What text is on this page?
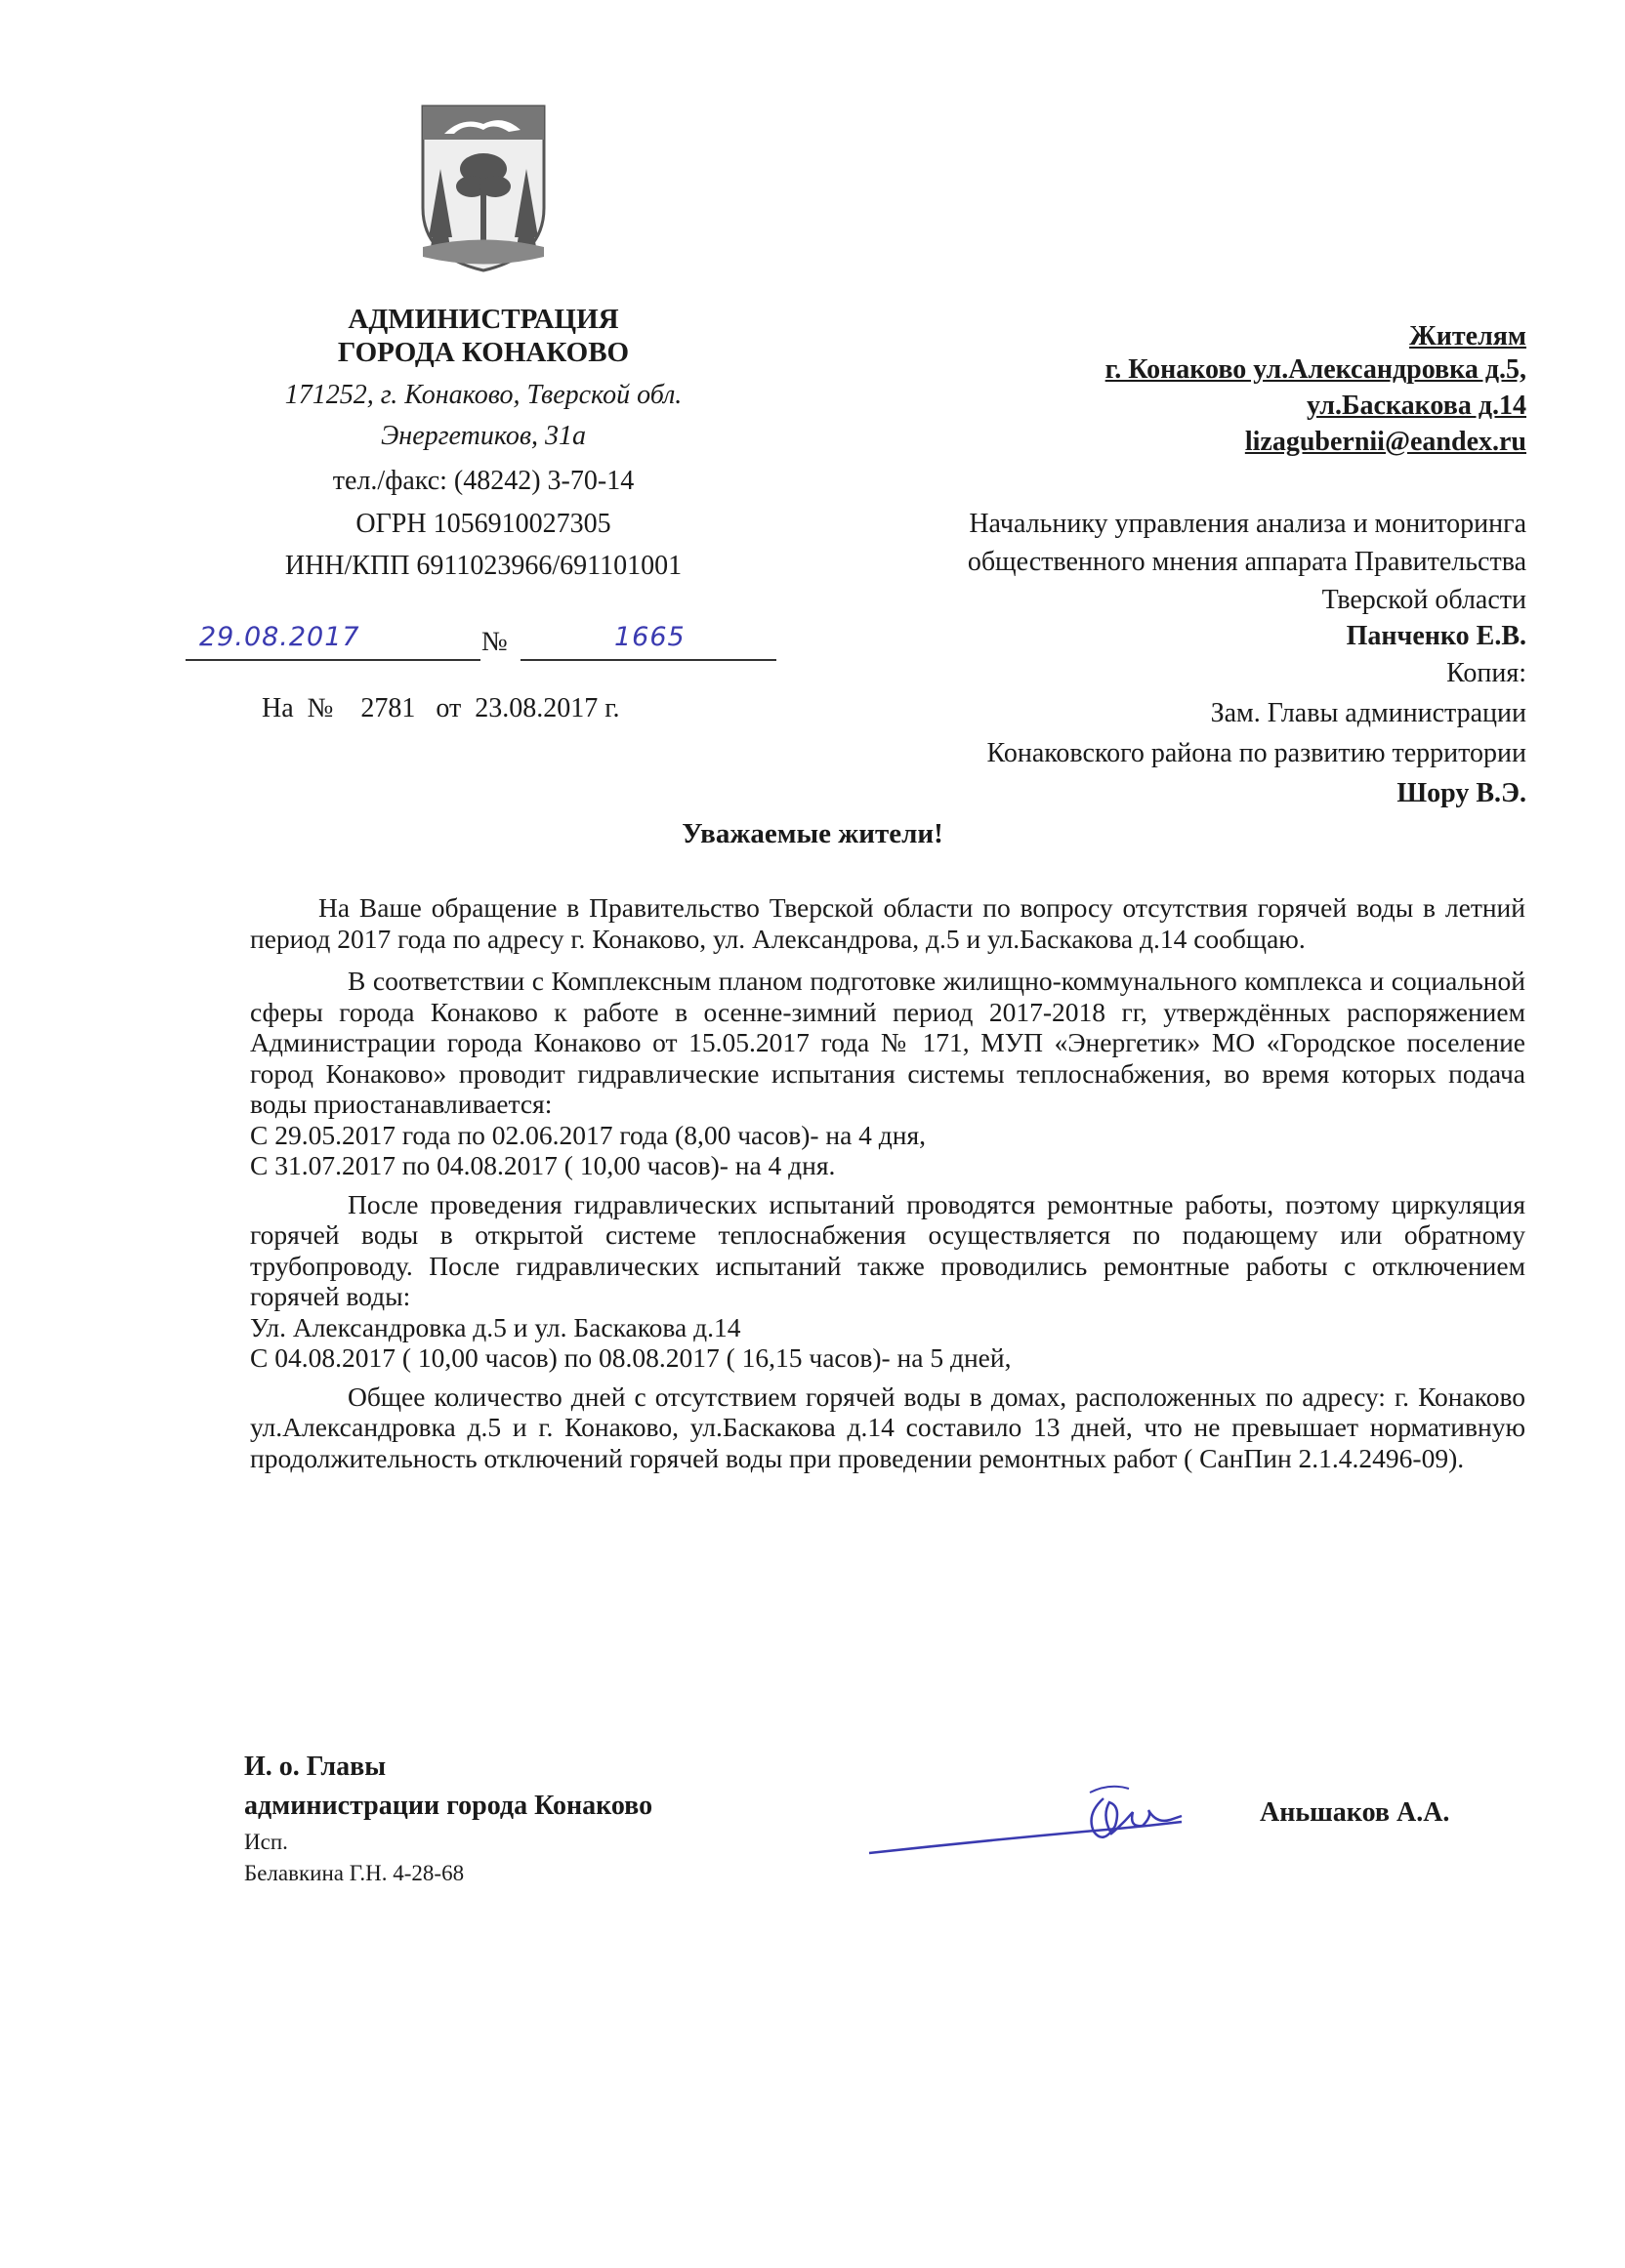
АДМИНИСТРАЦИЯ
ГОРОДА КОНАКОВО
171252, г. Конаково, Тверской обл.
Энергетиков, 31а
тел./факс: (48242) 3-70-14
ОГРН 1056910027305
ИНН/КПП 6911023966/691101001
29.08.2017	№	1665
На  №    2781   от  23.08.2017 г.
Жителям
г. Конаково ул.Александровка д.5,
ул.Баскакова д.14
lizagubernii@eandex.ru
Начальнику управления анализа и мониторинга
общественного мнения аппарата Правительства
Тверской области
Панченко Е.В.
Копия:
Зам. Главы администрации
Конаковского района по развитию территории
Шору В.Э.
Уважаемые жители!

На Ваше обращение в Правительство Тверской области по вопросу отсутствия горячей воды в летний период 2017 года по адресу г. Конаково, ул. Александрова, д.5 и ул.Баскакова д.14 сообщаю.

В соответствии с Комплексным планом подготовке жилищно-коммунального комплекса и социальной сферы города Конаково к работе в осенне-зимний период 2017-2018 гг, утверждённых распоряжением Администрации города Конаково от 15.05.2017 года № 171, МУП «Энергетик» МО «Городское поселение город Конаково» проводит гидравлические испытания системы теплоснабжения, во время которых подача воды приостанавливается:

С 29.05.2017 года по 02.06.2017 года (8,00 часов)- на 4 дня,

С 31.07.2017 по 04.08.2017 ( 10,00 часов)- на 4 дня.

После проведения гидравлических испытаний проводятся ремонтные работы, поэтому циркуляция горячей воды в открытой системе теплоснабжения осуществляется по подающему или обратному трубопроводу. После гидравлических испытаний также проводились ремонтные работы с отключением горячей воды:

Ул. Александровка д.5 и ул. Баскакова д.14

С 04.08.2017 ( 10,00 часов) по 08.08.2017 ( 16,15 часов)- на 5 дней,

Общее количество дней с отсутствием горячей воды в домах, расположенных по адресу: г. Конаково ул.Александровка д.5 и г. Конаково, ул.Баскакова д.14 составило 13 дней, что не превышает нормативную продолжительность отключений горячей воды при проведении ремонтных работ ( СанПин 2.1.4.2496-09).

И. о. Главы
администрации города Конаково
Исп.
Белавкина Г.Н. 4-28-68
Аньшаков А.А.
